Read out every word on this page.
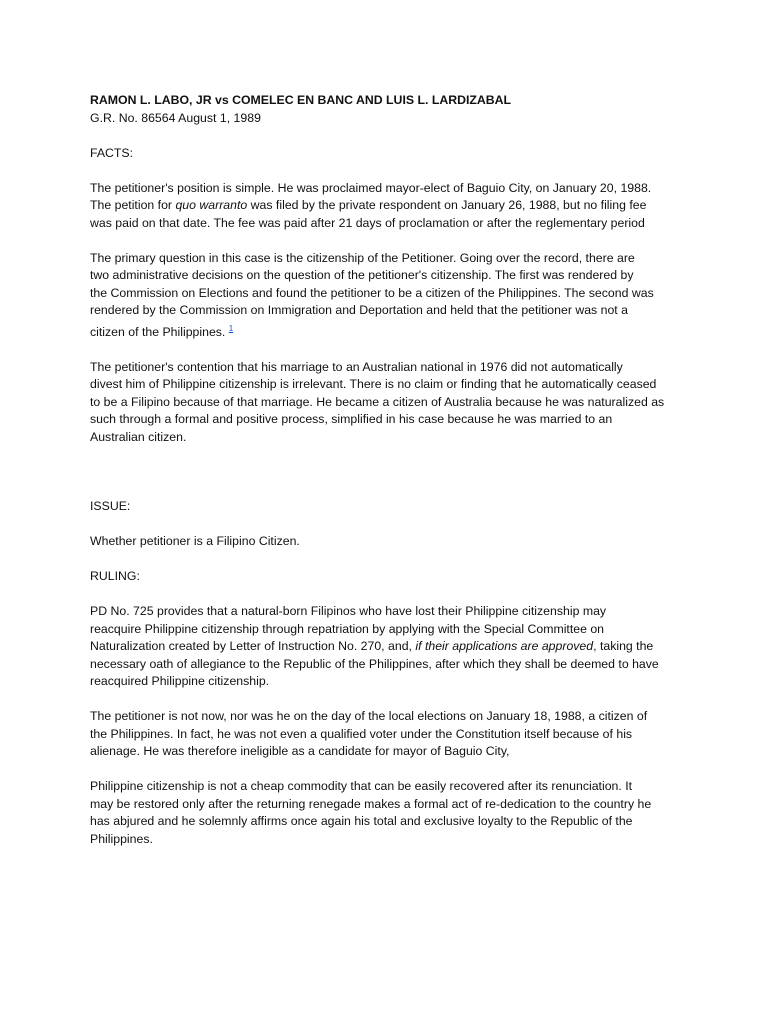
RAMON L. LABO, JR vs COMELEC EN BANC AND LUIS L. LARDIZABAL

G.R. No. 86564 August 1, 1989

FACTS:

The petitioner's position is simple. He was proclaimed mayor-elect of Baguio City, on January 20, 1988.
The petition for quo warranto was filed by the private respondent on January 26, 1988, but no filing fee
was paid on that date. The fee was paid after 21 days of proclamation or after the reglementary period
The primary question in this case is the citizenship of the Petitioner. Going over the record, there are
two administrative decisions on the question of the petitioner's citizenship. The first was rendered by
the Commission on Elections and found the petitioner to be a citizen of the Philippines. The second was
rendered by the Commission on Immigration and Deportation and held that the petitioner was not a
citizen of the Philippines. $^1$
The petitioner's contention that his marriage to an Australian national in 1976 did not automatically
divest him of Philippine citizenship is irrelevant. There is no claim or finding that he automatically ceased
to be a Filipino because of that marriage. He became a citizen of Australia because he was naturalized as
such through a formal and positive process, simplified in his case because he was married to an
Australian citizen.

ISSUE:

Whether petitioner is a Filipino Citizen.

RULING:

PD No. 725 provides that a natural-born Filipinos who have lost their Philippine citizenship may
reacquire Philippine citizenship through repatriation by applying with the Special Committee on
Naturalization created by Letter of Instruction No. 270, and, if their applications are approved, taking the
necessary oath of allegiance to the Republic of the Philippines, after which they shall be deemed to have
reacquired Philippine citizenship.
The petitioner is not now, nor was he on the day of the local elections on January 18, 1988, a citizen of
the Philippines. In fact, he was not even a qualified voter under the Constitution itself because of his
alienage. He was therefore ineligible as a candidate for mayor of Baguio City,
Philippine citizenship is not a cheap commodity that can be easily recovered after its renunciation. It
may be restored only after the returning renegade makes a formal act of re-dedication to the country he
has abjured and he solemnly affirms once again his total and exclusive loyalty to the Republic of the
Philippines.
